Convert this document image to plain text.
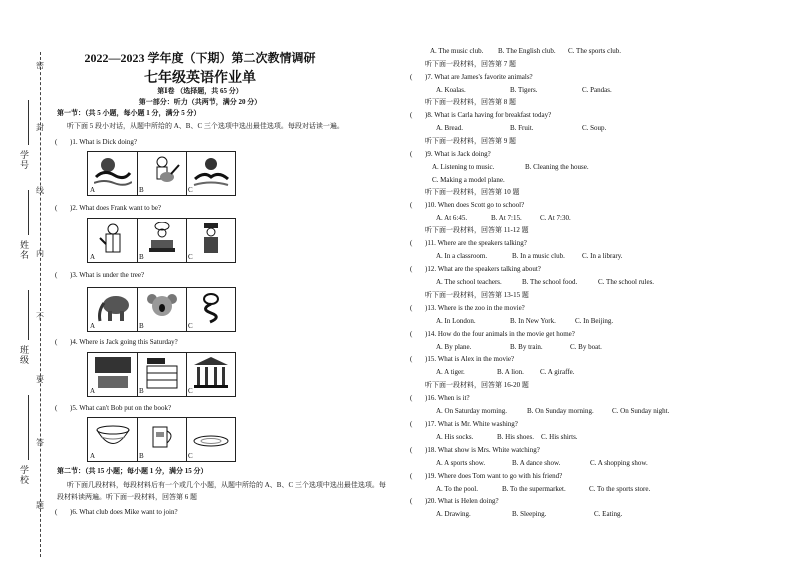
学号
姓名
班级
学校
密
封
线
内
不
要
答
题
2022—2023 学年度（下期）第二次教情调研
七年级英语作业单
第Ⅰ卷 （选择题，共 65 分）
第一部分：听力（共两节，满分 20 分）
第一节：（共 5 小题，每小题 1 分，满分 5 分）
听下面 5 段小对话，从题中所给的 A、B、C 三个选项中选出最佳选项。每段对话读一遍。
( )1. What is Dick doing?
A	B	C
( )2. What does Frank want to be?
A	B	C
( )3. What is under the tree?
A	B	C
( )4. Where is Jack going this Saturday?
A	B	C
( )5. What can't Bob put on the book?
A	B	C
第二节：（共 15 小题；每小题 1 分，满分 15 分）
听下面几段材料，每段材料后有一个或几个小题，从题中所给的 A、B、C 三个选项中选出最佳选项。每
段材料读两遍。听下面一段材料，回答第 6 题
( )6. What club does Mike want to join?
A. The music club. B. The English club. C. The sports club.
听下面一段材料，回答第 7 题
( )7. What are James's favorite animals?
A. Koalas.	B. Tigers.	C. Pandas.
听下面一段材料，回答第 8 题
( )8. What is Carla having for breakfast today?
A. Bread.	B. Fruit.	C. Soup.
听下面一段材料，回答第 9 题
( )9. What is Jack doing?
A. Listening to music.	B. Cleaning the house.
C. Making a model plane.
听下面一段材料，回答第 10 题
( )10. When does Scott go to school?
A. At 6:45.	B. At 7:15.	C. At 7:30.
听下面一段材料，回答第 11-12 题
( )11. Where are the speakers talking?
A. In a classroom.	B. In a music club. C. In a library.
( )12. What are the speakers talking about?
A. The school teachers.	B. The school food.	C. The school rules.
听下面一段材料，回答第 13-15 题
( )13. Where is the zoo in the movie?
A. In London.	B. In New York.	C. In Beijing.
( )14. How do the four animals in the movie get home?
A. By plane.	B. By train.	C. By boat.
( )15. What is Alex in the movie?
A. A tiger.	B. A lion. C. A giraffe.
听下面一段材料，回答第 16-20 题
( )16. When is it?
A. On Saturday morning.	B. On Sunday morning.	C. On Sunday night.
( )17. What is Mr. White washing?
A. His socks.	B. His shoes. C. His shirts.
( )18. What show is Mrs. White watching?
A. A sports show.	B. A dance show.	C. A shopping show.
( )19. Where does Tom want to go with his friend?
A. To the pool.	B. To the supermarket.	C. To the sports store.
( )20. What is Helen doing?
A. Drawing.	B. Sleeping.	C. Eating.
